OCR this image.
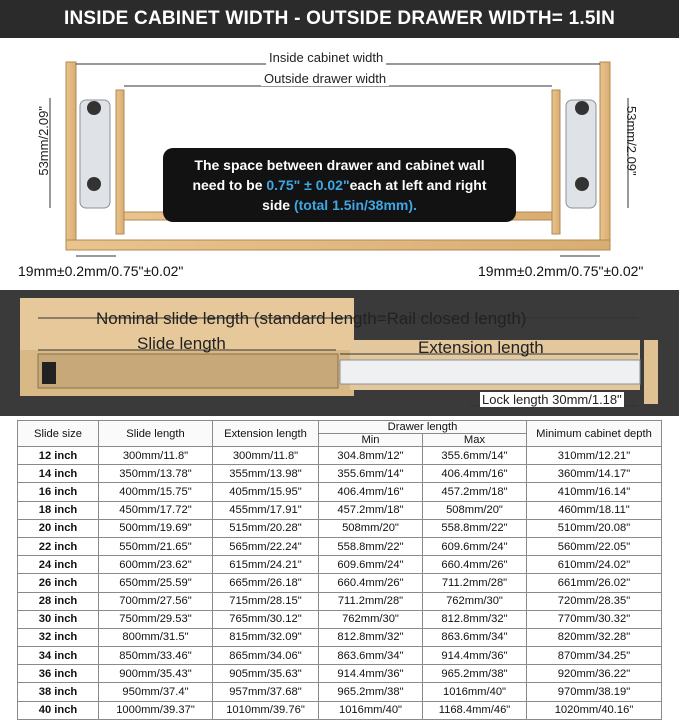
INSIDE CABINET WIDTH - OUTSIDE DRAWER WIDTH= 1.5IN
Inside cabinet width
Outside drawer width
53mm/2.09"	53mm/2.09"
The space between drawer and cabinet wall
need to be 0.75" ± 0.02"each at left and right
side (total 1.5in/38mm).
19mm±0.2mm/0.75"±0.02"	19mm±0.2mm/0.75"±0.02"
Nominal slide length (standard length=Rail closed length)
Slide length	Extension length
Lock length 30mm/1.18"
Slide size	Slide length	Extension length	Drawer length		Minimum cabinet depth
			Min	Max	
12 inch	300mm/11.8"	300mm/11.8"	304.8mm/12"	355.6mm/14"	310mm/12.21"
14 inch	350mm/13.78"	355mm/13.98"	355.6mm/14"	406.4mm/16"	360mm/14.17"
16 inch	400mm/15.75"	405mm/15.95"	406.4mm/16"	457.2mm/18"	410mm/16.14"
18 inch	450mm/17.72"	455mm/17.91"	457.2mm/18"	508mm/20"	460mm/18.11"
20 inch	500mm/19.69"	515mm/20.28"	508mm/20"	558.8mm/22"	510mm/20.08"
22 inch	550mm/21.65"	565mm/22.24"	558.8mm/22"	609.6mm/24"	560mm/22.05"
24 inch	600mm/23.62"	615mm/24.21"	609.6mm/24"	660.4mm/26"	610mm/24.02"
26 inch	650mm/25.59"	665mm/26.18"	660.4mm/26"	711.2mm/28"	661mm/26.02"
28 inch	700mm/27.56"	715mm/28.15"	711.2mm/28"	762mm/30"	720mm/28.35"
30 inch	750mm/29.53"	765mm/30.12"	762mm/30"	812.8mm/32"	770mm/30.32"
32 inch	800mm/31.5"	815mm/32.09"	812.8mm/32"	863.6mm/34"	820mm/32.28"
34 inch	850mm/33.46"	865mm/34.06"	863.6mm/34"	914.4mm/36"	870mm/34.25"
36 inch	900mm/35.43"	905mm/35.63"	914.4mm/36"	965.2mm/38"	920mm/36.22"
38 inch	950mm/37.4"	957mm/37.68"	965.2mm/38"	1016mm/40"	970mm/38.19"
40 inch	1000mm/39.37"	1010mm/39.76"	1016mm/40"	1168.4mm/46"	1020mm/40.16"
